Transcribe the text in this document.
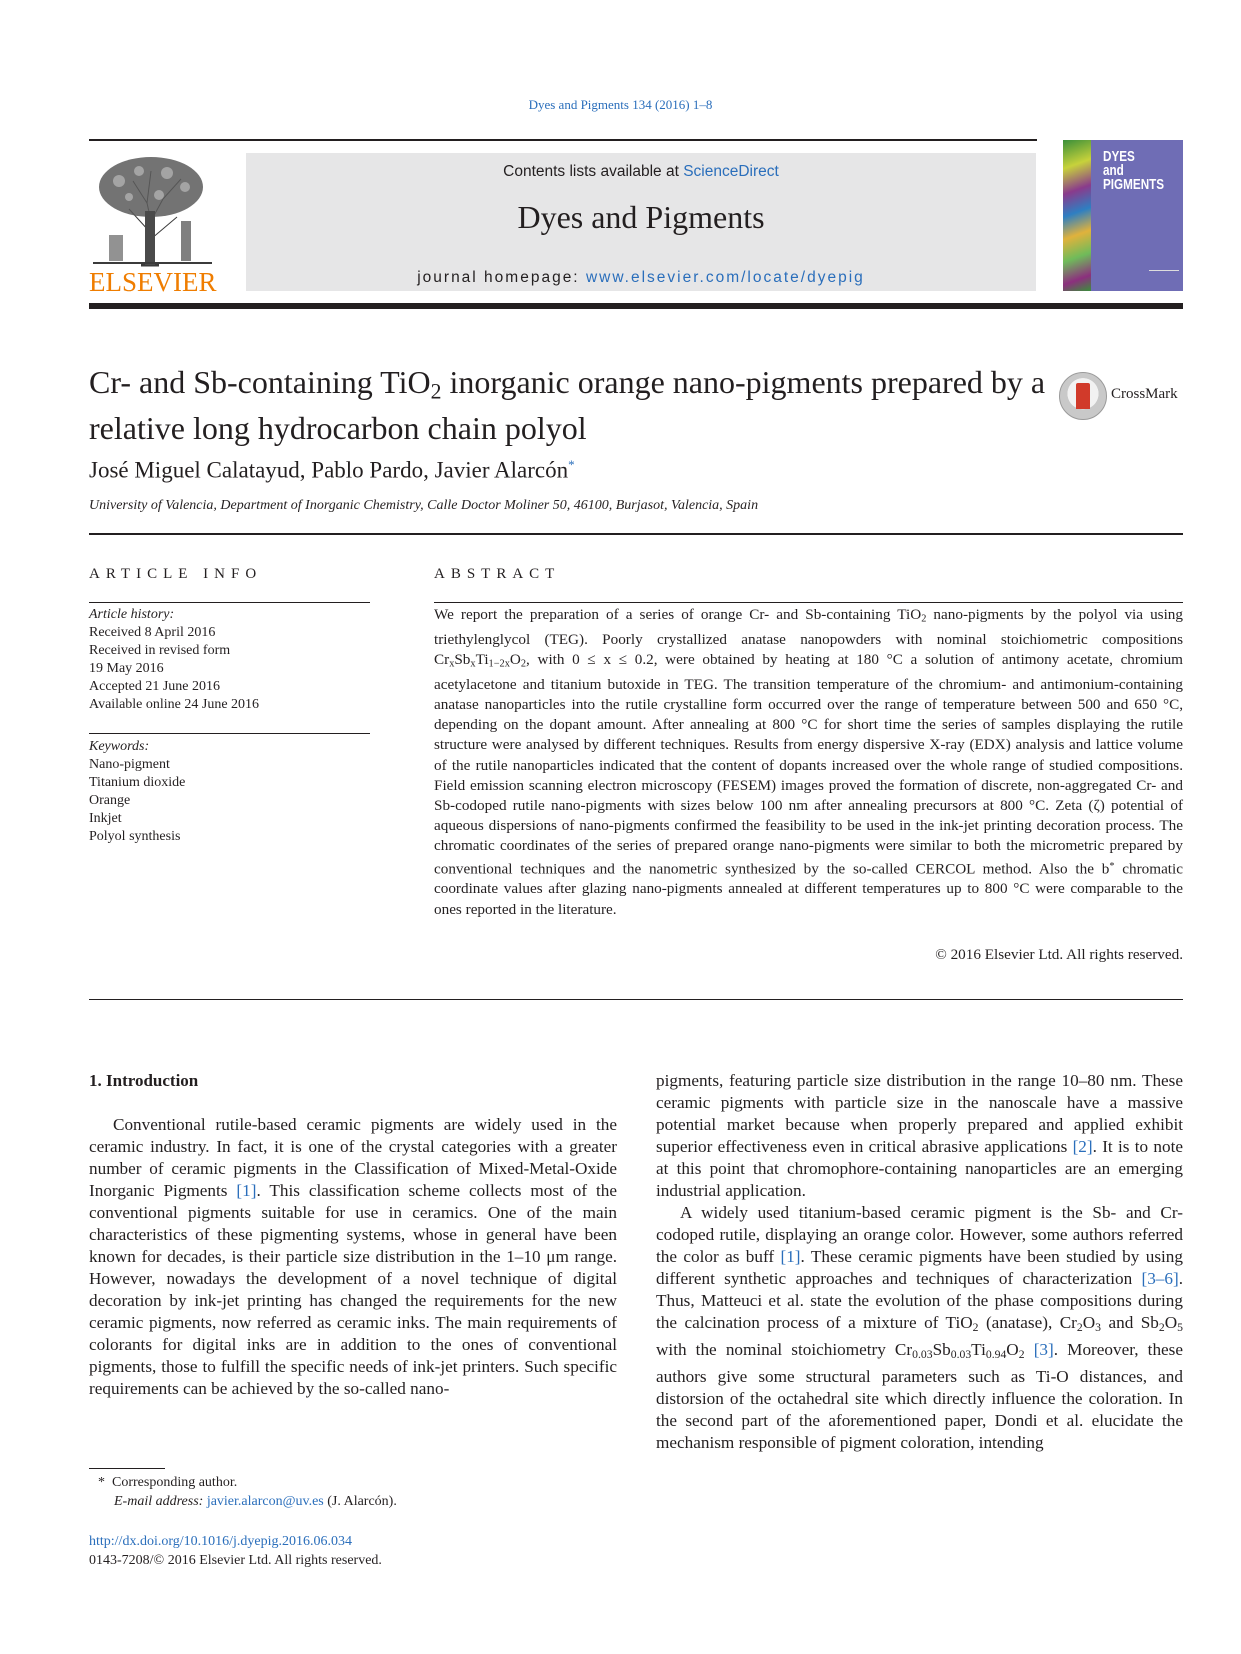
Dyes and Pigments 134 (2016) 1–8
ELSEVIER
Contents lists available at ScienceDirect
Dyes and Pigments
journal homepage: www.elsevier.com/locate/dyepig
DYES
and
PIGMENTS
Cr- and Sb-containing TiO$_2$ inorganic orange nano-pigments prepared by a relative long hydrocarbon chain polyol
CrossMark
José Miguel Calatayud, Pablo Pardo, Javier Alarcón*
University of Valencia, Department of Inorganic Chemistry, Calle Doctor Moliner 50, 46100, Burjasot, Valencia, Spain
ARTICLE INFO
Article history:
Received 8 April 2016
Received in revised form
19 May 2016
Accepted 21 June 2016
Available online 24 June 2016
Keywords:
Nano-pigment
Titanium dioxide
Orange
Inkjet
Polyol synthesis
ABSTRACT
We report the preparation of a series of orange Cr- and Sb-containing TiO$_2$ nano-pigments by the polyol via using triethylenglycol (TEG). Poorly crystallized anatase nanopowders with nominal stoichiometric compositions $Cr_xSb_xTi_{1-2x}O_2$, with 0 ≤ x ≤ 0.2, were obtained by heating at 180 °C a solution of antimony acetate, chromium acetylacetone and titanium butoxide in TEG. The transition temperature of the chromium- and antimonium-containing anatase nanoparticles into the rutile crystalline form occurred over the range of temperature between 500 and 650 °C, depending on the dopant amount. After annealing at 800 °C for short time the series of samples displaying the rutile structure were analysed by different techniques. Results from energy dispersive X-ray (EDX) analysis and lattice volume of the rutile nanoparticles indicated that the content of dopants increased over the whole range of studied compositions. Field emission scanning electron microscopy (FESEM) images proved the formation of discrete, non-aggregated Cr- and Sb-codoped rutile nano-pigments with sizes below 100 nm after annealing precursors at 800 °C. Zeta (ζ) potential of aqueous dispersions of nano-pigments confirmed the feasibility to be used in the ink-jet printing decoration process. The chromatic coordinates of the series of prepared orange nano-pigments were similar to both the micrometric prepared by conventional techniques and the nanometric synthesized by the so-called CERCOL method. Also the b* chromatic coordinate values after glazing nano-pigments annealed at different temperatures up to 800 °C were comparable to the ones reported in the literature.
© 2016 Elsevier Ltd. All rights reserved.
1. Introduction

Conventional rutile-based ceramic pigments are widely used in the ceramic industry. In fact, it is one of the crystal categories with a greater number of ceramic pigments in the Classification of Mixed-Metal-Oxide Inorganic Pigments [1]. This classification scheme collects most of the conventional pigments suitable for use in ceramics. One of the main characteristics of these pigmenting systems, whose in general have been known for decades, is their particle size distribution in the 1–10 μm range. However, nowadays the development of a novel technique of digital decoration by ink-jet printing has changed the requirements for the new ceramic pigments, now referred as ceramic inks. The main requirements of colorants for digital inks are in addition to the ones of conventional pigments, those to fulfill the specific needs of ink-jet printers. Such specific requirements can be achieved by the so-called nano-

pigments, featuring particle size distribution in the range 10–80 nm. These ceramic pigments with particle size in the nanoscale have a massive potential market because when properly prepared and applied exhibit superior effectiveness even in critical abrasive applications [2]. It is to note at this point that chromophore-containing nanoparticles are an emerging industrial application.

A widely used titanium-based ceramic pigment is the Sb- and Cr-codoped rutile, displaying an orange color. However, some authors referred the color as buff [1]. These ceramic pigments have been studied by using different synthetic approaches and techniques of characterization [3–6]. Thus, Matteuci et al. state the evolution of the phase compositions during the calcination process of a mixture of TiO$_2$ (anatase), $Cr_2O_3$ and $Sb_2O_5$ with the nominal stoichiometry $Cr_{0.03}Sb_{0.03}Ti_{0.94}O_2$ [3]. Moreover, these authors give some structural parameters such as Ti-O distances, and distorsion of the octahedral site which directly influence the coloration. In the second part of the aforementioned paper, Dondi et al. elucidate the mechanism responsible of pigment coloration, intending

* Corresponding author.
E-mail address: javier.alarcon@uv.es (J. Alarcón).
http://dx.doi.org/10.1016/j.dyepig.2016.06.034
0143-7208/© 2016 Elsevier Ltd. All rights reserved.
